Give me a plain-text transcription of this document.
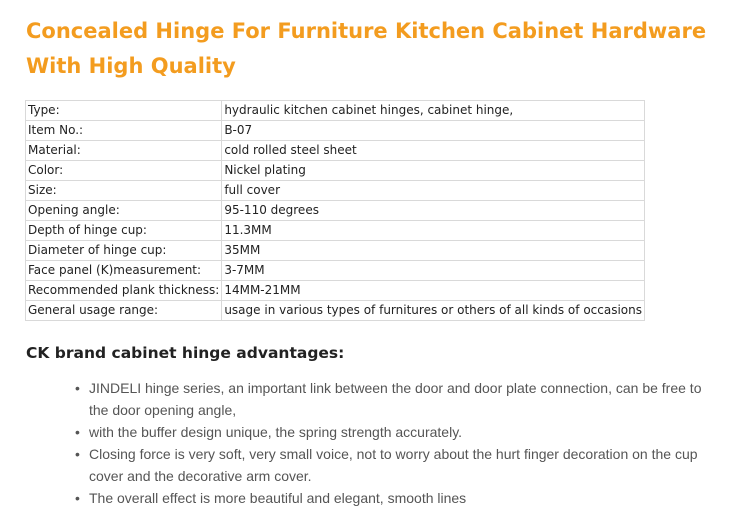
Concealed Hinge For Furniture Kitchen Cabinet Hardware With High Quality
Type:	hydraulic kitchen cabinet hinges, cabinet hinge,
Item No.:	B-07
Material:	cold rolled steel sheet
Color:	Nickel plating
Size:	full cover
Opening angle:	95-110 degrees
Depth of hinge cup:	11.3MM
Diameter of hinge cup:	35MM
Face panel (K)measurement:	3-7MM
Recommended plank thickness:	14MM-21MM
General usage range:	usage in various types of furnitures or others of all kinds of occasions
CK brand cabinet hinge advantages:
• JINDELI hinge series, an important link between the door and door plate connection, can be free to the door opening angle,
• with the buffer design unique, the spring strength accurately.
• Closing force is very soft, very small voice, not to worry about the hurt finger decoration on the cup cover and the decorative arm cover.
• The overall effect is more beautiful and elegant, smooth lines
